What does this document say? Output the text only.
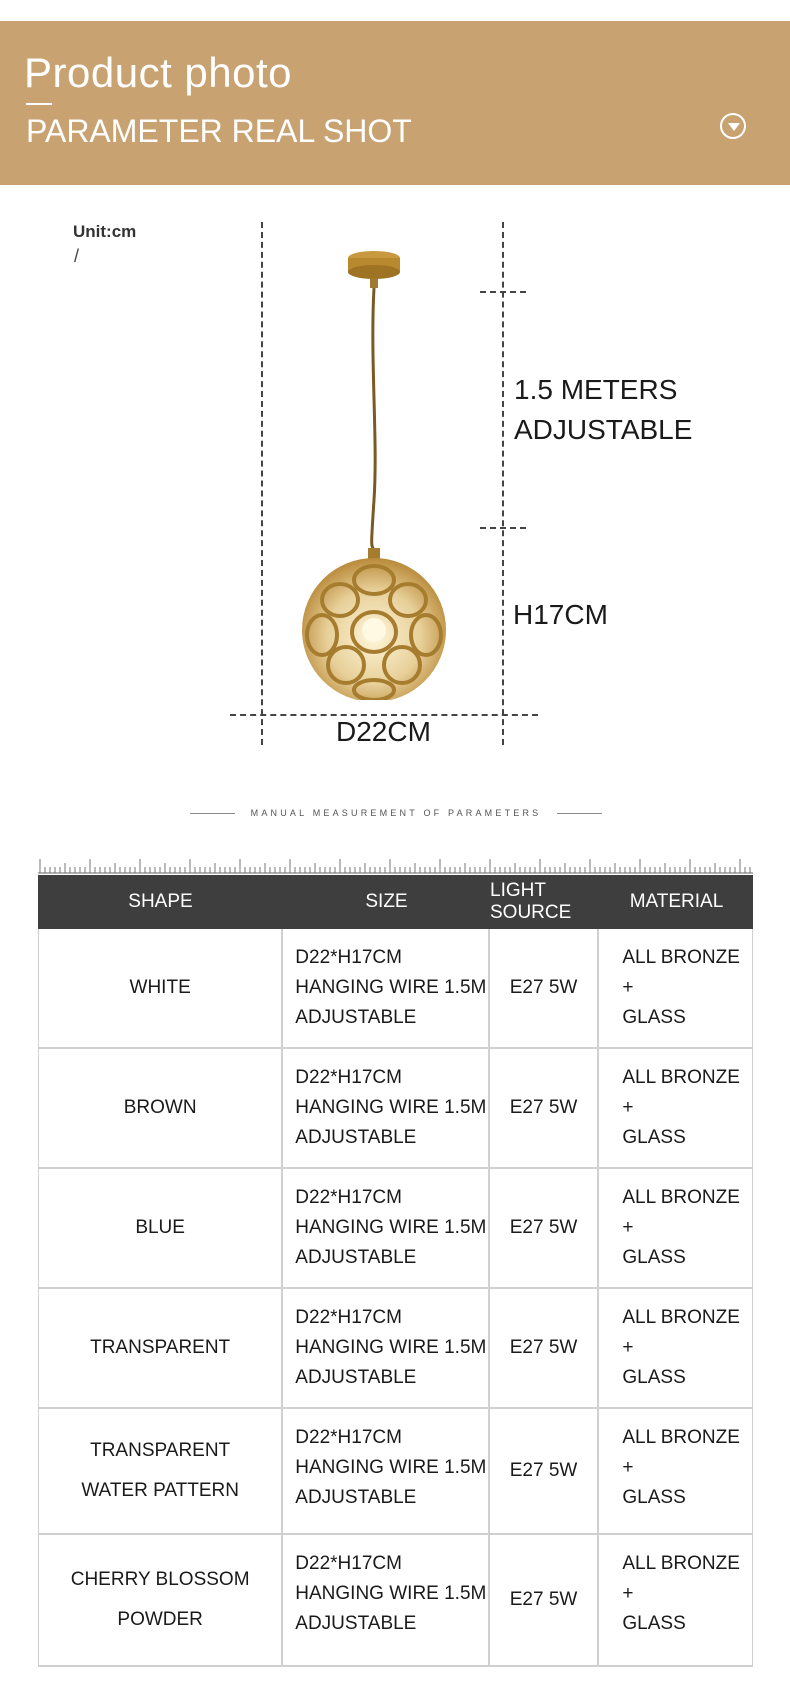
Product photo
PARAMETER REAL SHOT
Unit:cm
/
1.5 METERS
ADJUSTABLE
H17CM
D22CM
MANUAL MEASUREMENT OF PARAMETERS
SHAPE	SIZE
LIGHT SOURCE
MATERIAL
WHITE
D22*H17CM
HANGING WIRE 1.5M
ADJUSTABLE
E27 5W
ALL BRONZE
+
GLASS
BROWN
D22*H17CM
HANGING WIRE 1.5M
ADJUSTABLE
E27 5W
ALL BRONZE
+
GLASS
BLUE
D22*H17CM
HANGING WIRE 1.5M
ADJUSTABLE
E27 5W
ALL BRONZE
+
GLASS
TRANSPARENT
D22*H17CM
HANGING WIRE 1.5M
ADJUSTABLE
E27 5W
ALL BRONZE
+
GLASS
TRANSPARENT
WATER PATTERN
D22*H17CM
HANGING WIRE 1.5M
ADJUSTABLE
E27 5W
ALL BRONZE
+
GLASS
CHERRY BLOSSOM POWDER
D22*H17CM
HANGING WIRE 1.5M
ADJUSTABLE
E27 5W
ALL BRONZE
+
GLASS
